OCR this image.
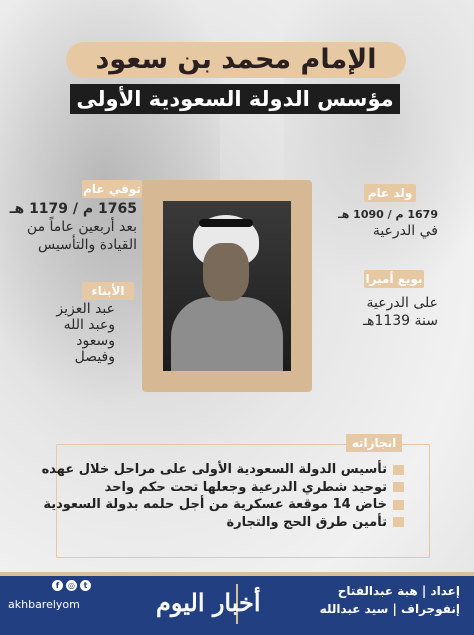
الإمام محمد بن سعود
مؤسس الدولة السعودية الأولى
توفي عام
1765 م / 1179 هـ
بعد أربعين عاماً من
القيادة والتأسيس
الأبناء
عبد العزيز
وعبد الله
وسعود
وفيصل
ولد عام
1679 م / 1090 هـ
في الدرعية
بويع أميرا
على الدرعية
سنة 1139هـ
انجازاته
تأسيس الدولة السعودية الأولى على مراحل خلال عهده
توحيد شطري الدرعية وجعلها تحت حكم واحد
خاض 14 موقعة عسكرية من أجل حلمه بدولة السعودية
تأمين طرق الحج والتجارة
إعداد | هبة عبدالفتاح
إنفوجراف | سيد عبدالله
أخبار اليوم
f	◎	t
akhbarelyom
